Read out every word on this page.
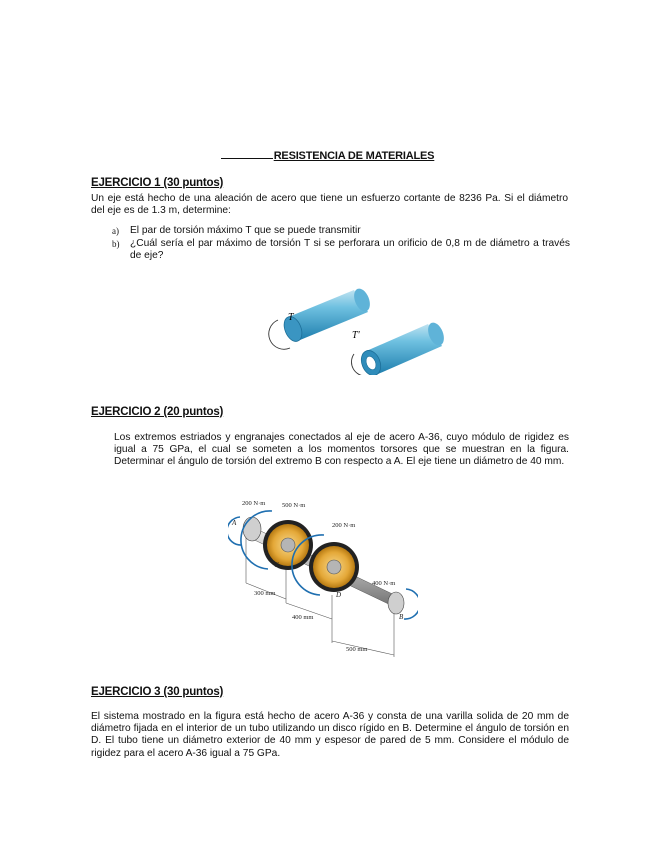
RESISTENCIA DE MATERIALES
EJERCICIO 1 (30 puntos)
Un eje está hecho de una aleación de acero que tiene un esfuerzo cortante de 8236 Pa. Si el diámetro del eje es de 1.3 m, determine:
a) El par de torsión máximo T que se puede transmitir
b) ¿Cuál sería el par máximo de torsión T si se perforara un orificio de 0,8 m de diámetro a través de eje?
T
T'
EJERCICIO 2 (20 puntos)
Los extremos estriados y engranajes conectados al eje de acero A-36, cuyo módulo de rigidez es igual a 75 GPa, el cual se someten a los momentos torsores que se muestran en la figura. Determinar el ángulo de torsión del extremo B con respecto a A. El eje tiene un diámetro de 40 mm.
200 N·m	500 N·m
200 N·m
400 N·m
300 mm
400 mm
500 mm
A
B
C
D
EJERCICIO 3 (30 puntos)
El sistema mostrado en la figura está hecho de acero A-36 y consta de una varilla solida de 20 mm de diámetro fijada en el interior de un tubo utilizando un disco rígido en B. Determine el ángulo de torsión en D. El tubo tiene un diámetro exterior de 40 mm y espesor de pared de 5 mm. Considere el módulo de rigidez para el acero A-36 igual a 75 GPa.
